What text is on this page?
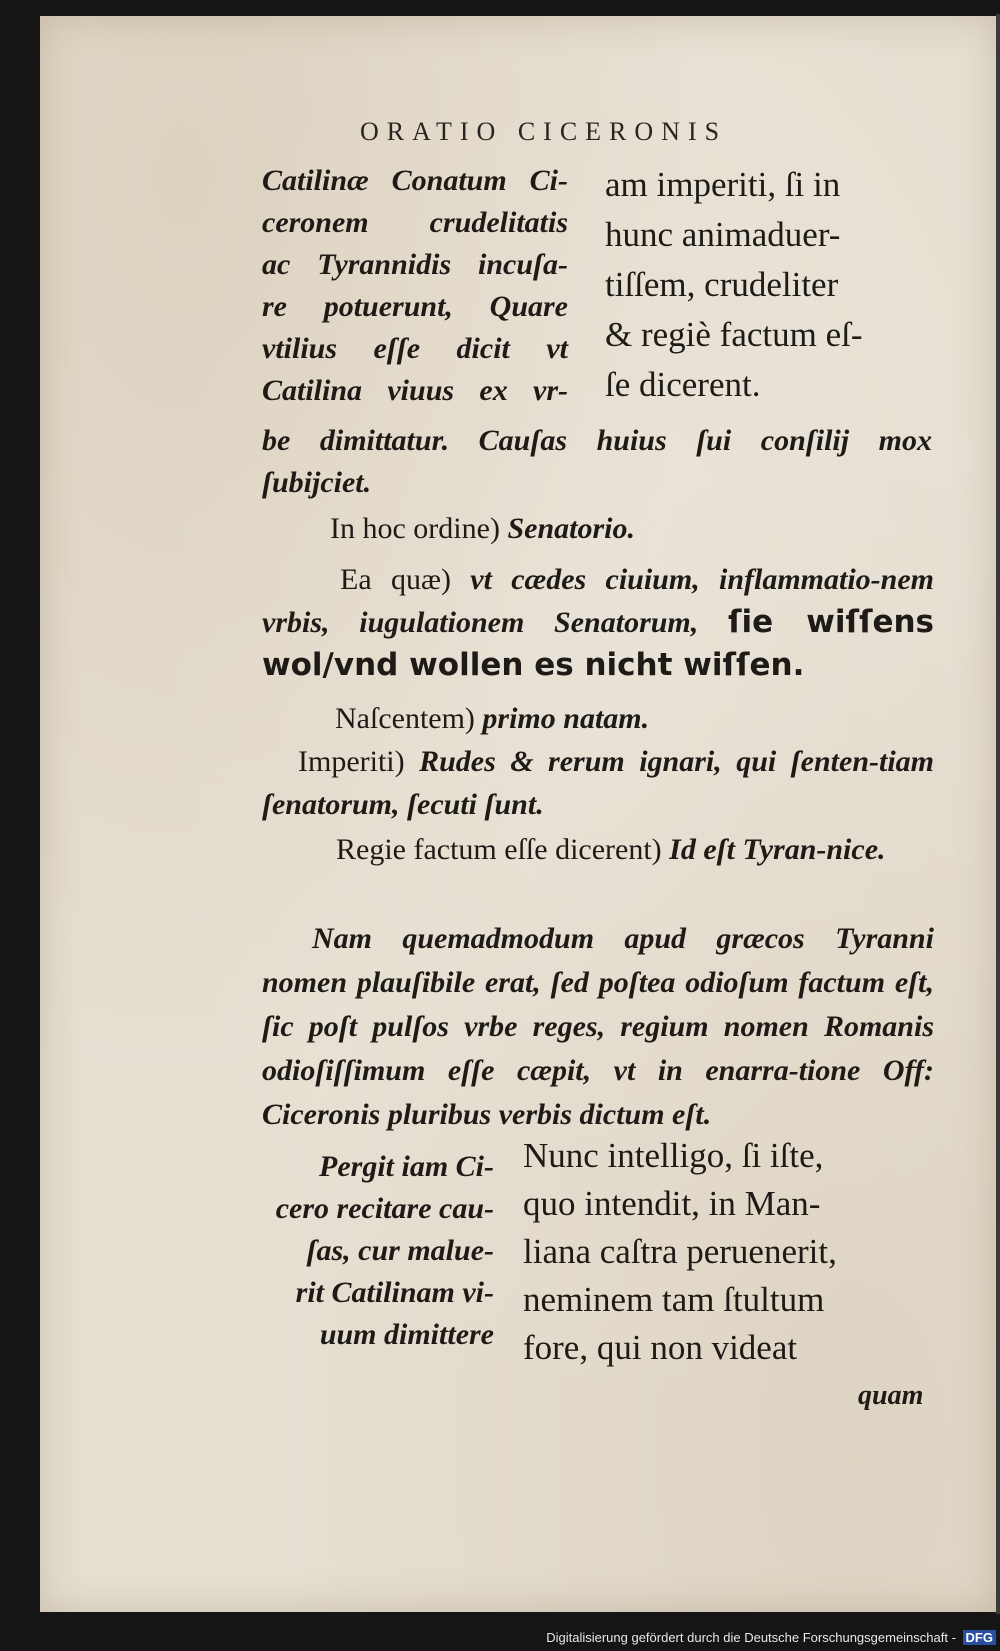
ORATIO CICERONIS
Catilinæ Conatum Ci-
ceronem crudelitatis
ac Tyrannidis incuſa-
re potuerunt, Quare
vtilius eſſe dicit vt
Catilina viuus ex vr-
am imperiti, ſi in
hunc animaduer-
tiſſem, crudeliter
& regiè factum eſ-
ſe dicerent.
be dimittatur. Cauſas huius ſui conſilij mox
ſubijciet.
In hoc ordine) Senatorio.
Ea quæ) vt cædes ciuium, inflammatio-nem vrbis, iugulationem Senatorum, ſie wiſſens wol/vnd wollen es nicht wiſſen.
Naſcentem) primo natam.
Imperiti) Rudes & rerum ignari, qui ſenten-tiam ſenatorum, ſecuti ſunt.
Regie factum eſſe dicerent) Id eſt Tyran-nice.
Nam quemadmodum apud græcos Tyranni nomen plauſibile erat, ſed poſtea odioſum factum eſt, ſic poſt pulſos vrbe reges, regium nomen Romanis odioſiſſimum eſſe cæpit, vt in enarra-tione Off: Ciceronis pluribus verbis dictum eſt.
Pergit iam Ci-
cero recitare cau-
ſas, cur malue-
rit Catilinam vi-
uum dimittere
Nunc intelligo, ſi iſte,
quo intendit, in Man-
liana caſtra peruenerit,
neminem tam ſtultum
fore, qui non videat
quam
Digitalisierung gefördert durch die Deutsche Forschungsgemeinschaft - DFG
